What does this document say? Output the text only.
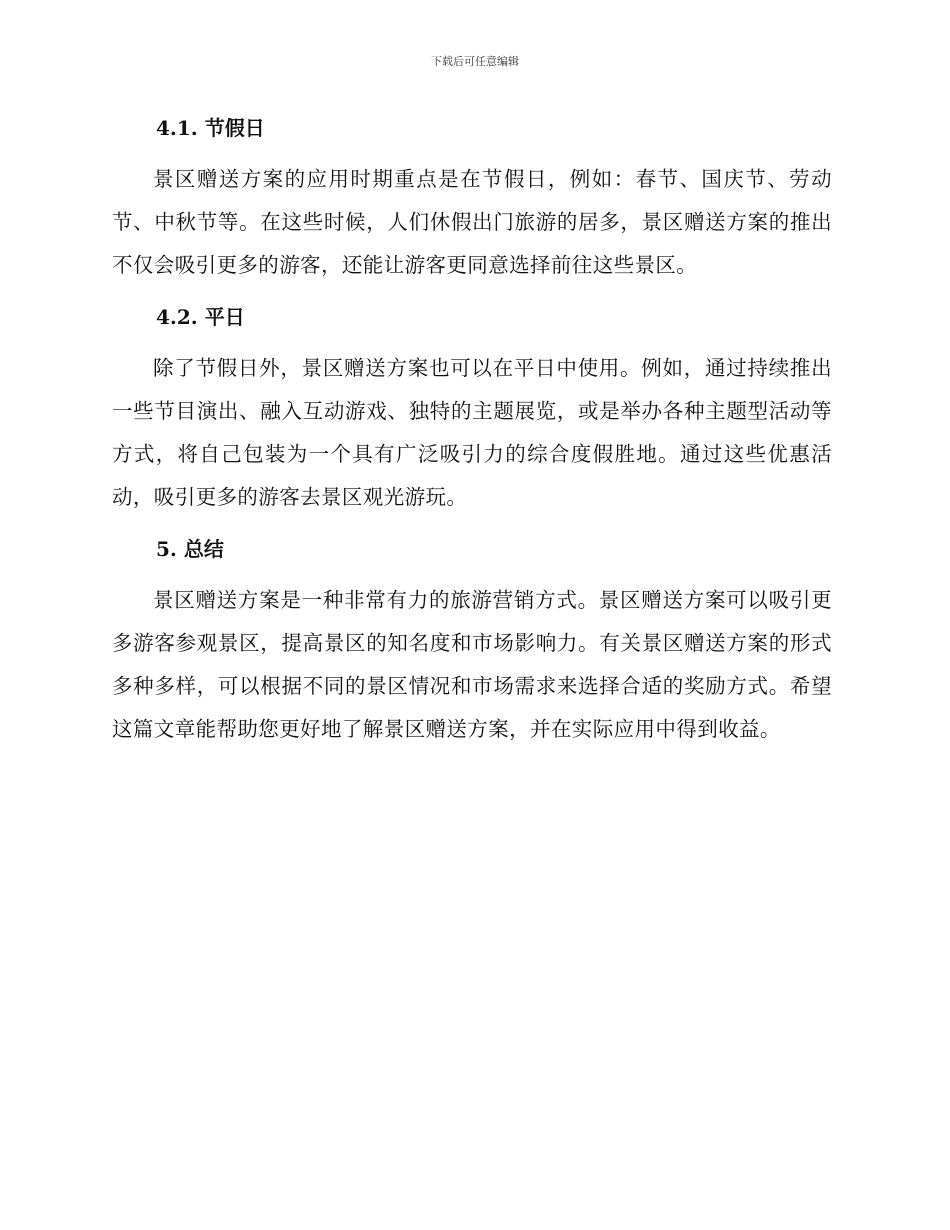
下载后可任意编辑
4.1. 节假日

景区赠送方案的应用时期重点是在节假日，例如：春节、国庆节、劳动节、中秋节等。在这些时候，人们休假出门旅游的居多，景区赠送方案的推出不仅会吸引更多的游客，还能让游客更同意选择前往这些景区。

4.2. 平日

除了节假日外，景区赠送方案也可以在平日中使用。例如，通过持续推出一些节目演出、融入互动游戏、独特的主题展览，或是举办各种主题型活动等方式，将自己包装为一个具有广泛吸引力的综合度假胜地。通过这些优惠活动，吸引更多的游客去景区观光游玩。

5. 总结

景区赠送方案是一种非常有力的旅游营销方式。景区赠送方案可以吸引更多游客参观景区，提高景区的知名度和市场影响力。有关景区赠送方案的形式多种多样，可以根据不同的景区情况和市场需求来选择合适的奖励方式。希望这篇文章能帮助您更好地了解景区赠送方案，并在实际应用中得到收益。
